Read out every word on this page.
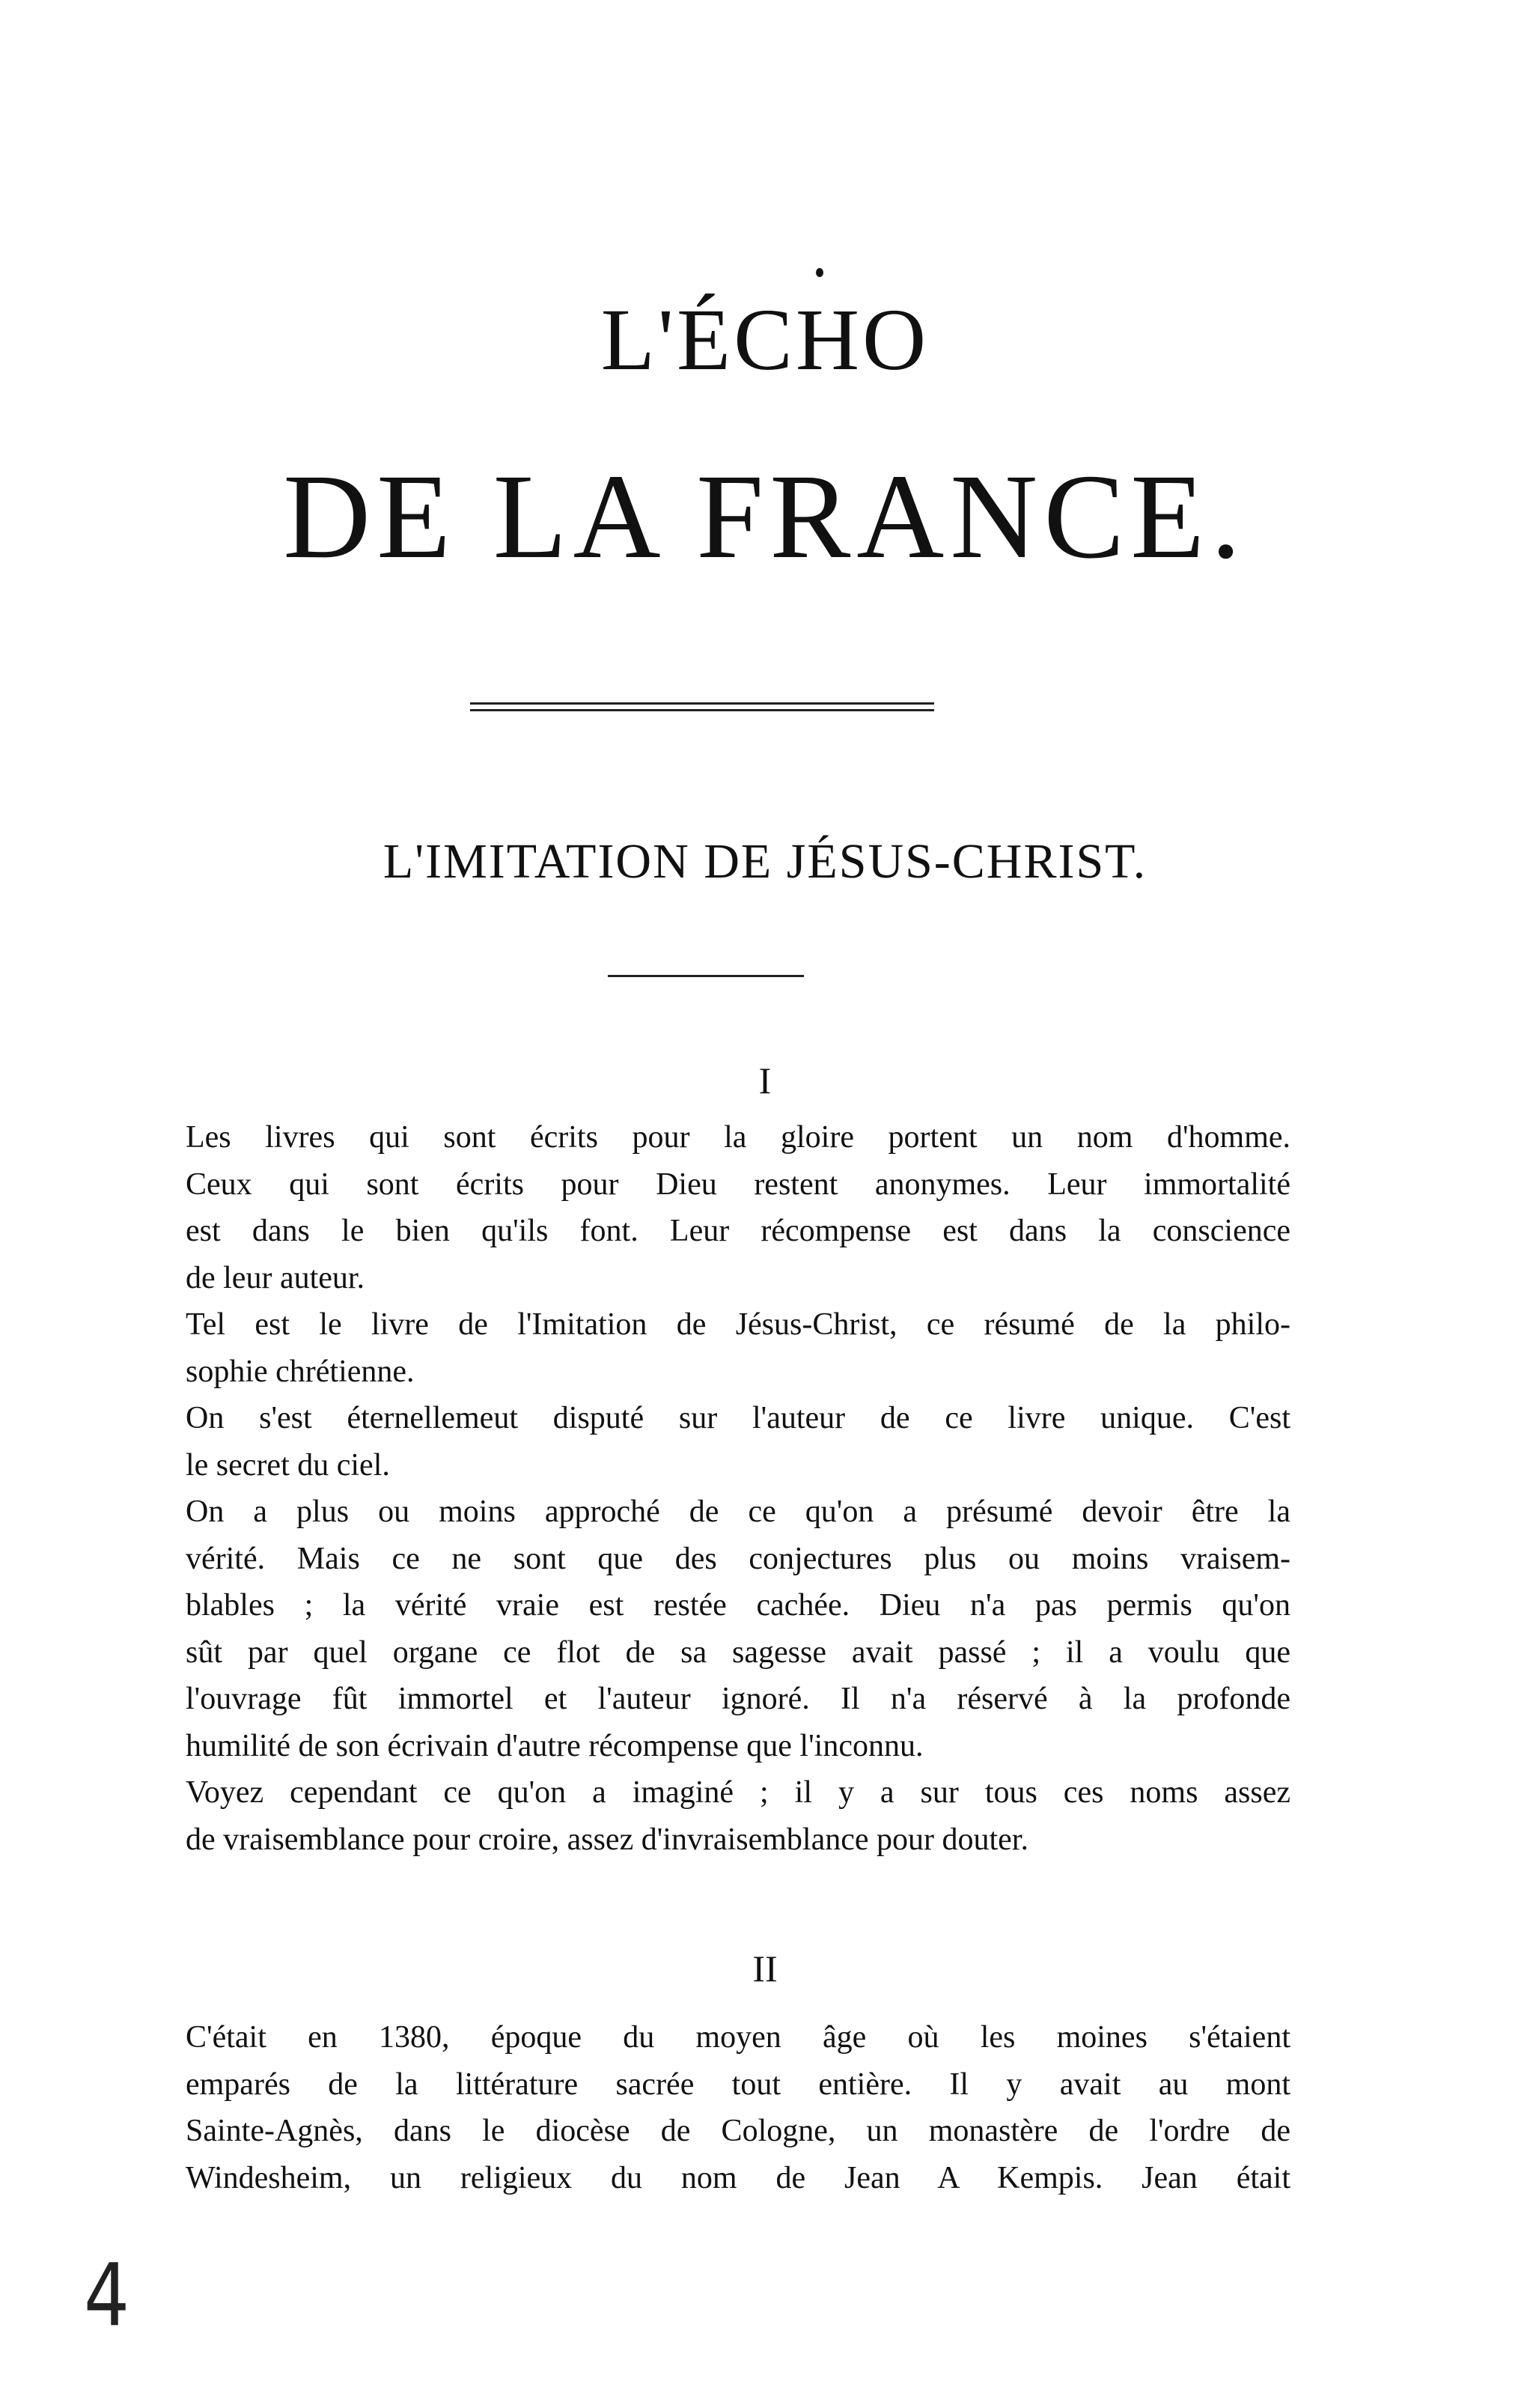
L'ÉCHO
DE LA FRANCE.
L'IMITATION DE JÉSUS-CHRIST.
I
Les livres qui sont écrits pour la gloire portent un nom d'homme.
Ceux qui sont écrits pour Dieu restent anonymes. Leur immortalité
est dans le bien qu'ils font. Leur récompense est dans la conscience
de leur auteur.
Tel est le livre de l'Imitation de Jésus-Christ, ce résumé de la philo-
sophie chrétienne.
On s'est éternellemeut disputé sur l'auteur de ce livre unique. C'est
le secret du ciel.
On a plus ou moins approché de ce qu'on a présumé devoir être la
vérité. Mais ce ne sont que des conjectures plus ou moins vraisem-
blables ; la vérité vraie est restée cachée. Dieu n'a pas permis qu'on
sût par quel organe ce flot de sa sagesse avait passé ; il a voulu que
l'ouvrage fût immortel et l'auteur ignoré. Il n'a réservé à la profonde
humilité de son écrivain d'autre récompense que l'inconnu.
Voyez cependant ce qu'on a imaginé ; il y a sur tous ces noms assez
de vraisemblance pour croire, assez d'invraisemblance pour douter.
II
C'était en 1380, époque du moyen âge où les moines s'étaient
emparés de la littérature sacrée tout entière. Il y avait au mont
Sainte-Agnès, dans le diocèse de Cologne, un monastère de l'ordre de
Windesheim, un religieux du nom de Jean A Kempis. Jean était
4
